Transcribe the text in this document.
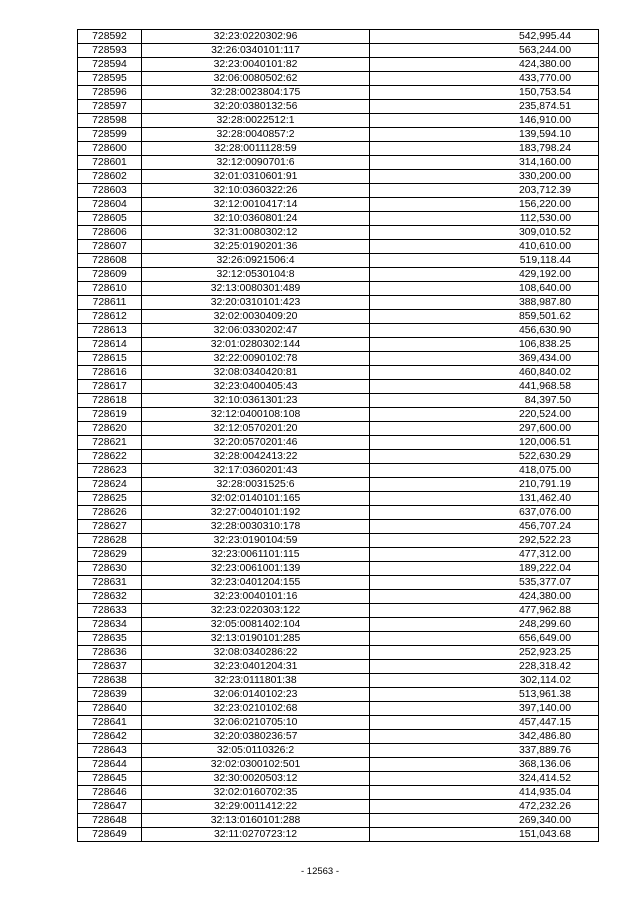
728592	32:23:0220302:96	542,995.44
728593	32:26:0340101:117	563,244.00
728594	32:23:0040101:82	424,380.00
728595	32:06:0080502:62	433,770.00
728596	32:28:0023804:175	150,753.54
728597	32:20:0380132:56	235,874.51
728598	32:28:0022512:1	146,910.00
728599	32:28:0040857:2	139,594.10
728600	32:28:0011128:59	183,798.24
728601	32:12:0090701:6	314,160.00
728602	32:01:0310601:91	330,200.00
728603	32:10:0360322:26	203,712.39
728604	32:12:0010417:14	156,220.00
728605	32:10:0360801:24	112,530.00
728606	32:31:0080302:12	309,010.52
728607	32:25:0190201:36	410,610.00
728608	32:26:0921506:4	519,118.44
728609	32:12:0530104:8	429,192.00
728610	32:13:0080301:489	108,640.00
728611	32:20:0310101:423	388,987.80
728612	32:02:0030409:20	859,501.62
728613	32:06:0330202:47	456,630.90
728614	32:01:0280302:144	106,838.25
728615	32:22:0090102:78	369,434.00
728616	32:08:0340420:81	460,840.02
728617	32:23:0400405:43	441,968.58
728618	32:10:0361301:23	84,397.50
728619	32:12:0400108:108	220,524.00
728620	32:12:0570201:20	297,600.00
728621	32:20:0570201:46	120,006.51
728622	32:28:0042413:22	522,630.29
728623	32:17:0360201:43	418,075.00
728624	32:28:0031525:6	210,791.19
728625	32:02:0140101:165	131,462.40
728626	32:27:0040101:192	637,076.00
728627	32:28:0030310:178	456,707.24
728628	32:23:0190104:59	292,522.23
728629	32:23:0061101:115	477,312.00
728630	32:23:0061001:139	189,222.04
728631	32:23:0401204:155	535,377.07
728632	32:23:0040101:16	424,380.00
728633	32:23:0220303:122	477,962.88
728634	32:05:0081402:104	248,299.60
728635	32:13:0190101:285	656,649.00
728636	32:08:0340286:22	252,923.25
728637	32:23:0401204:31	228,318.42
728638	32:23:0111801:38	302,114.02
728639	32:06:0140102:23	513,961.38
728640	32:23:0210102:68	397,140.00
728641	32:06:0210705:10	457,447.15
728642	32:20:0380236:57	342,486.80
728643	32:05:0110326:2	337,889.76
728644	32:02:0300102:501	368,136.06
728645	32:30:0020503:12	324,414.52
728646	32:02:0160702:35	414,935.04
728647	32:29:0011412:22	472,232.26
728648	32:13:0160101:288	269,340.00
728649	32:11:0270723:12	151,043.68
- 12563 -
